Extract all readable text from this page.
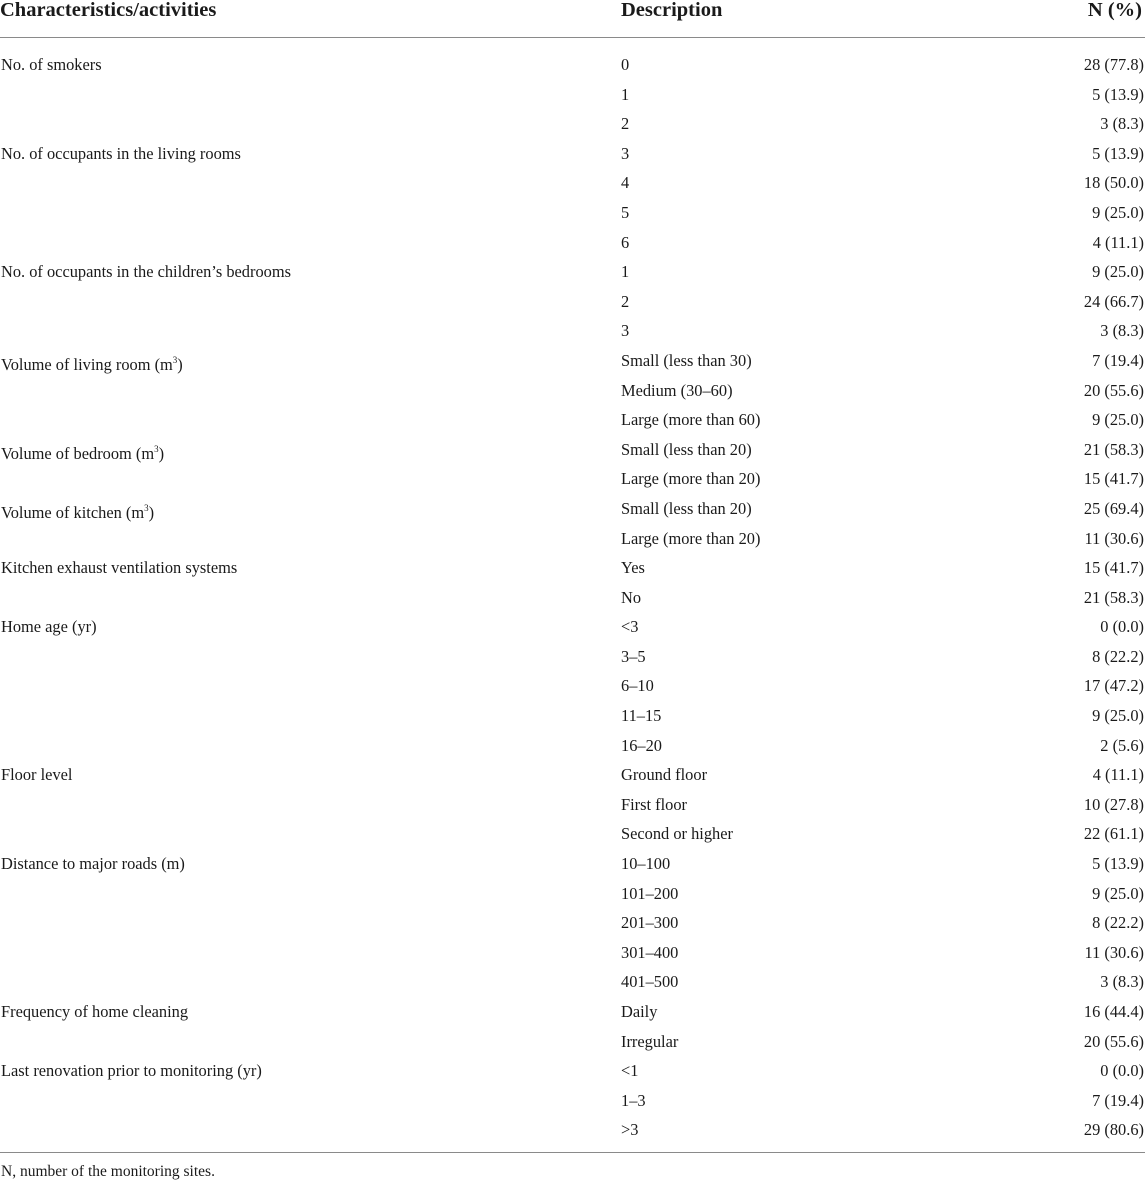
Characteristics/activities	Description	N (%)
No. of smokers	0	28 (77.8)
1	5 (13.9)
2	3 (8.3)
No. of occupants in the living rooms	3	5 (13.9)
4	18 (50.0)
5	9 (25.0)
6	4 (11.1)
No. of occupants in the children’s bedrooms	1	9 (25.0)
2	24 (66.7)
3	3 (8.3)
Volume of living room $(m^3)$	Small (less than 30)	7 (19.4)
Medium (30–60)	20 (55.6)
Large (more than 60)	9 (25.0)
Volume of bedroom $(m^3)$	Small (less than 20)	21 (58.3)
Large (more than 20)	15 (41.7)
Volume of kitchen $(m^3)$	Small (less than 20)	25 (69.4)
Large (more than 20)	11 (30.6)
Kitchen exhaust ventilation systems	Yes	15 (41.7)
No	21 (58.3)
Home age (yr)	<3	0 (0.0)
3–5	8 (22.2)
6–10	17 (47.2)
11–15	9 (25.0)
16–20	2 (5.6)
Floor level	Ground floor	4 (11.1)
First floor	10 (27.8)
Second or higher	22 (61.1)
Distance to major roads (m)	10–100	5 (13.9)
101–200	9 (25.0)
201–300	8 (22.2)
301–400	11 (30.6)
401–500	3 (8.3)
Frequency of home cleaning	Daily	16 (44.4)
Irregular	20 (55.6)
Last renovation prior to monitoring (yr)	<1	0 (0.0)
1–3	7 (19.4)
>3	29 (80.6)
N, number of the monitoring sites.
